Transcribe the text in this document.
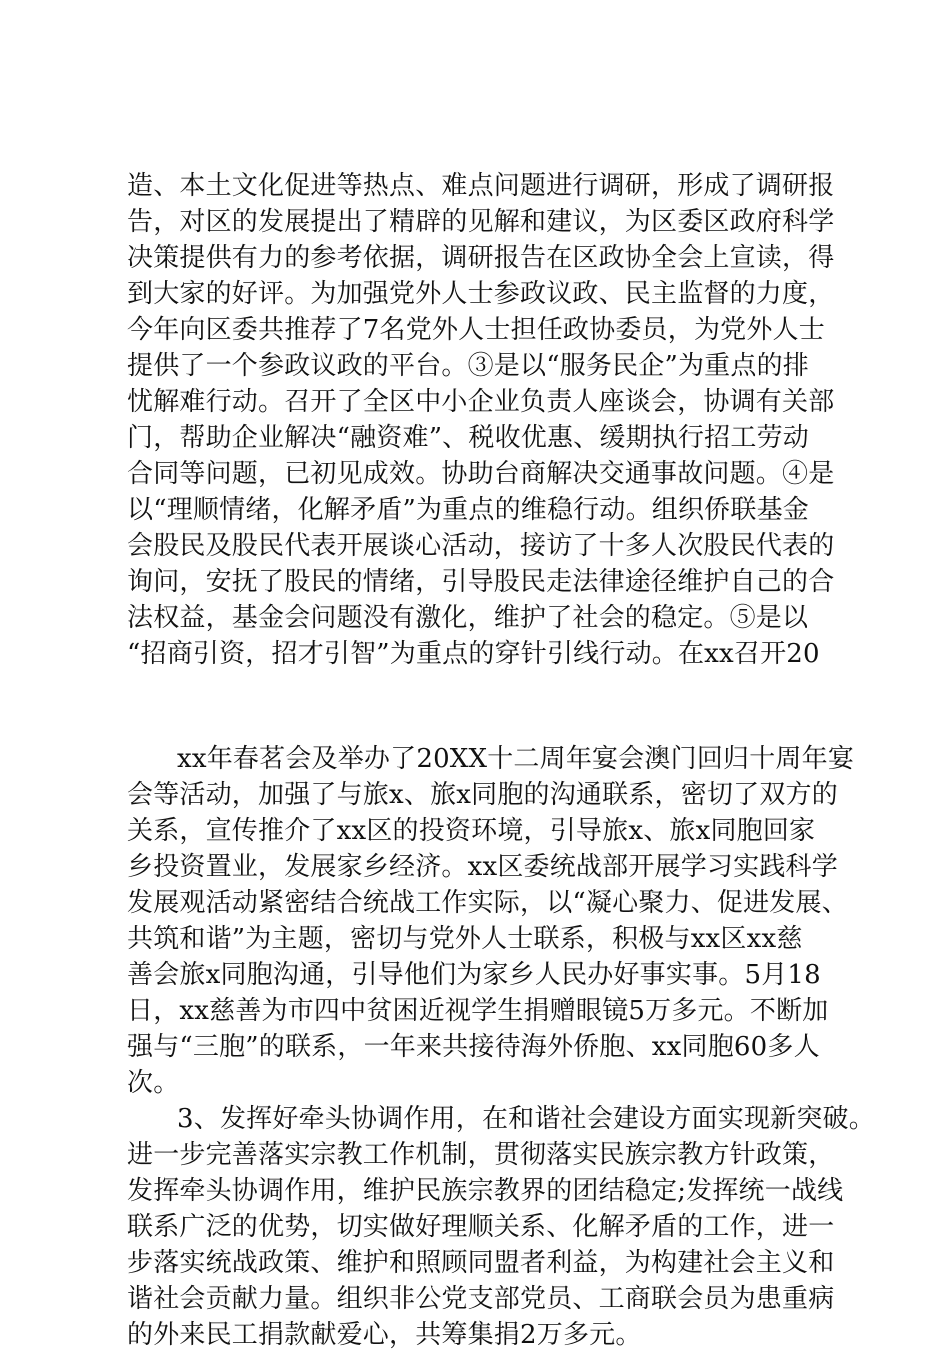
造、本土文化促进等热点、难点问题进行调研，形成了调研报
告，对区的发展提出了精辟的见解和建议，为区委区政府科学
决策提供有力的参考依据，调研报告在区政协全会上宣读，得
到大家的好评。为加强党外人士参政议政、民主监督的力度，
今年向区委共推荐了7名党外人士担任政协委员，为党外人士
提供了一个参政议政的平台。③是以“服务民企”为重点的排
忧解难行动。召开了全区中小企业负责人座谈会，协调有关部
门，帮助企业解决“融资难”、税收优惠、缓期执行招工劳动
合同等问题，已初见成效。协助台商解决交通事故问题。④是
以“理顺情绪，化解矛盾”为重点的维稳行动。组织侨联基金
会股民及股民代表开展谈心活动，接访了十多人次股民代表的
询问，安抚了股民的情绪，引导股民走法律途径维护自己的合
法权益，基金会问题没有激化，维护了社会的稳定。⑤是以
“招商引资，招才引智”为重点的穿针引线行动。在xx召开20
xx年春茗会及举办了20XX十二周年宴会澳门回归十周年宴
会等活动，加强了与旅x、旅x同胞的沟通联系，密切了双方的
关系，宣传推介了xx区的投资环境，引导旅x、旅x同胞回家
乡投资置业，发展家乡经济。xx区委统战部开展学习实践科学
发展观活动紧密结合统战工作实际，以“凝心聚力、促进发展、
共筑和谐”为主题，密切与党外人士联系，积极与xx区xx慈
善会旅x同胞沟通，引导他们为家乡人民办好事实事。5月18
日，xx慈善为市四中贫困近视学生捐赠眼镜5万多元。不断加
强与“三胞”的联系，一年来共接待海外侨胞、xx同胞60多人
次。
3、发挥好牵头协调作用，在和谐社会建设方面实现新突破。
进一步完善落实宗教工作机制，贯彻落实民族宗教方针政策，
发挥牵头协调作用，维护民族宗教界的团结稳定;发挥统一战线
联系广泛的优势，切实做好理顺关系、化解矛盾的工作，进一
步落实统战政策、维护和照顾同盟者利益，为构建社会主义和
谐社会贡献力量。组织非公党支部党员、工商联会员为患重病
的外来民工捐款献爱心，共筹集捐2万多元。
